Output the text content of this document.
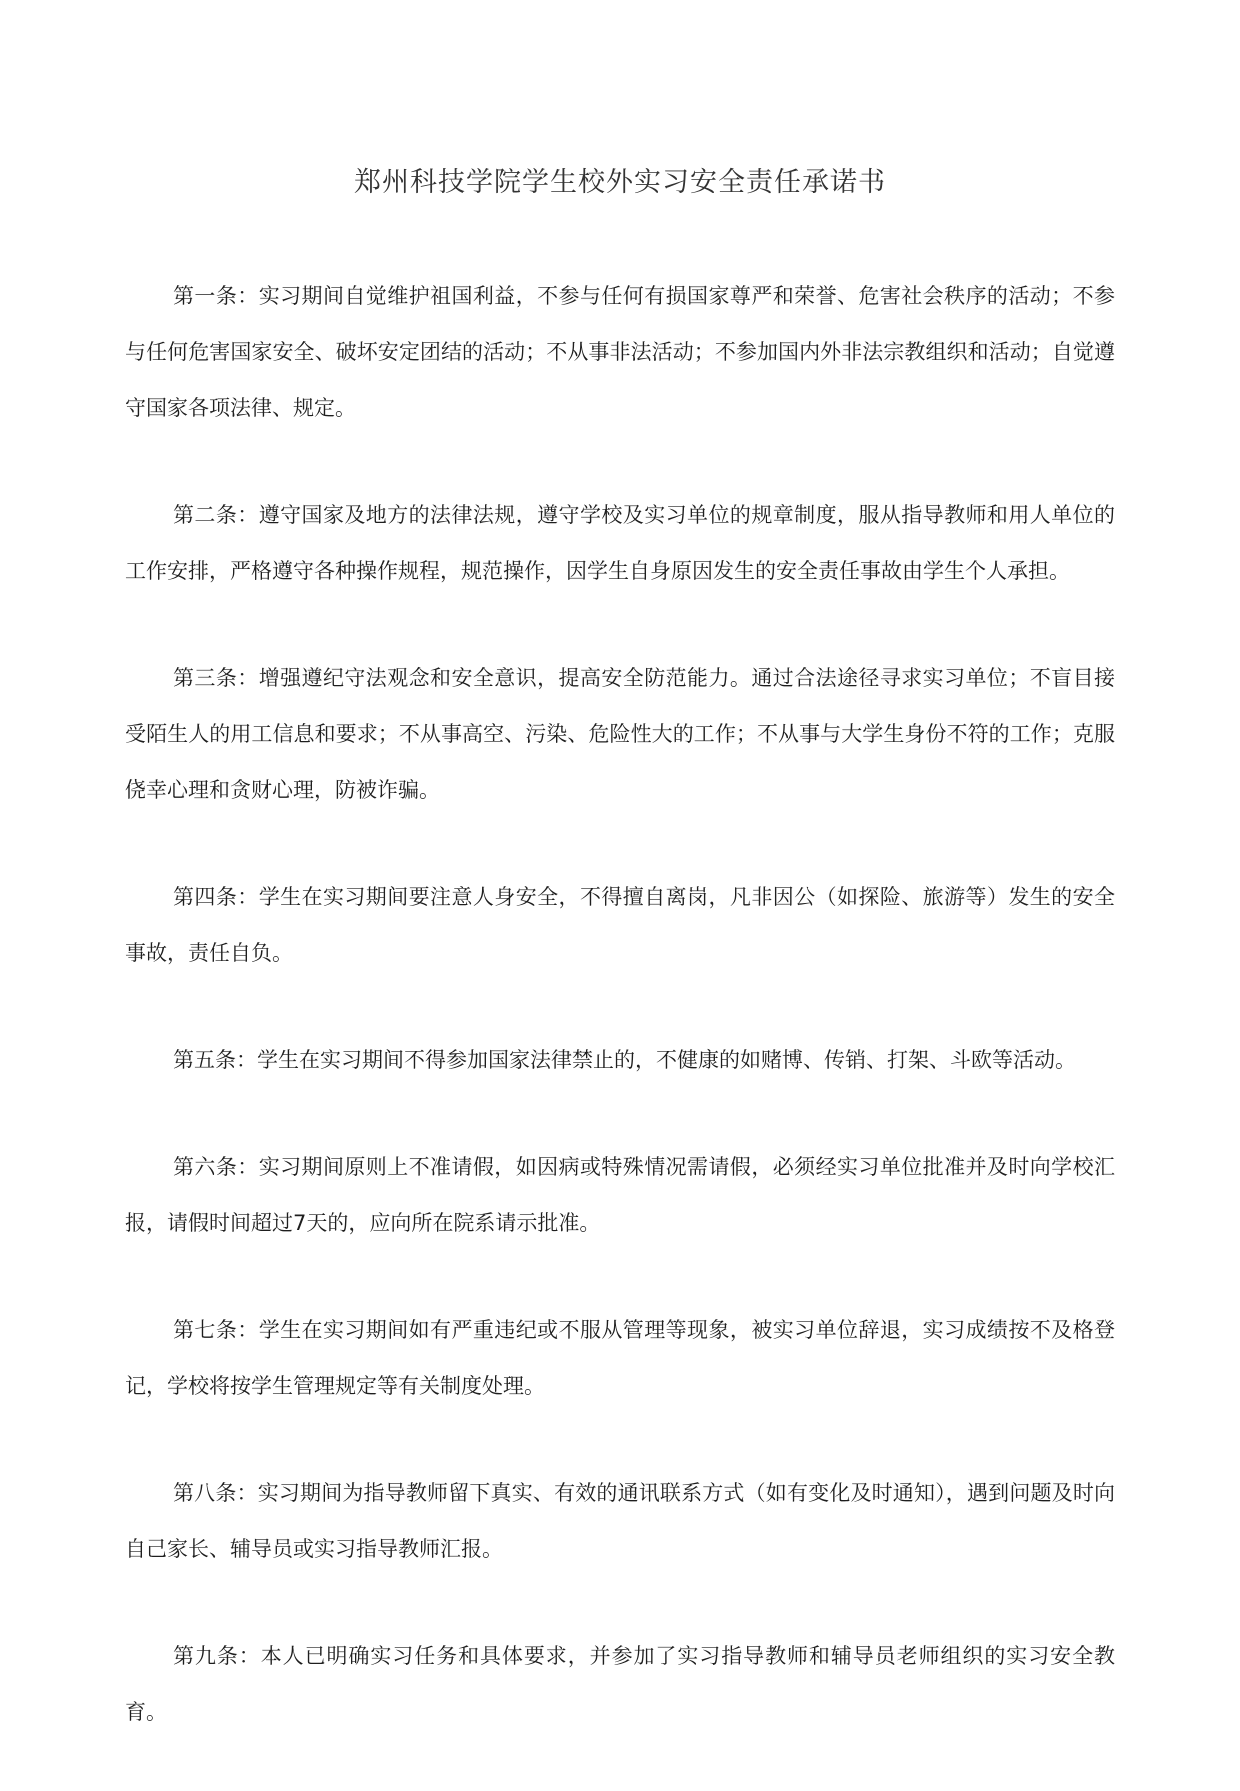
郑州科技学院学生校外实习安全责任承诺书

第一条：实习期间自觉维护祖国利益，不参与任何有损国家尊严和荣誉、危害社会秩序的活动；不参与任何危害国家安全、破坏安定团结的活动；不从事非法活动；不参加国内外非法宗教组织和活动；自觉遵守国家各项法律、规定。

第二条：遵守国家及地方的法律法规，遵守学校及实习单位的规章制度，服从指导教师和用人单位的工作安排，严格遵守各种操作规程，规范操作，因学生自身原因发生的安全责任事故由学生个人承担。

第三条：增强遵纪守法观念和安全意识，提高安全防范能力。通过合法途径寻求实习单位；不盲目接受陌生人的用工信息和要求；不从事高空、污染、危险性大的工作；不从事与大学生身份不符的工作；克服侥幸心理和贪财心理，防被诈骗。

第四条：学生在实习期间要注意人身安全，不得擅自离岗，凡非因公（如探险、旅游等）发生的安全事故，责任自负。

第五条：学生在实习期间不得参加国家法律禁止的，不健康的如赌博、传销、打架、斗欧等活动。

第六条：实习期间原则上不准请假，如因病或特殊情况需请假，必须经实习单位批准并及时向学校汇报，请假时间超过7天的，应向所在院系请示批准。

第七条：学生在实习期间如有严重违纪或不服从管理等现象，被实习单位辞退，实习成绩按不及格登记，学校将按学生管理规定等有关制度处理。

第八条：实习期间为指导教师留下真实、有效的通讯联系方式（如有变化及时通知），遇到问题及时向自己家长、辅导员或实习指导教师汇报。

第九条：本人已明确实习任务和具体要求，并参加了实习指导教师和辅导员老师组织的实习安全教育。
